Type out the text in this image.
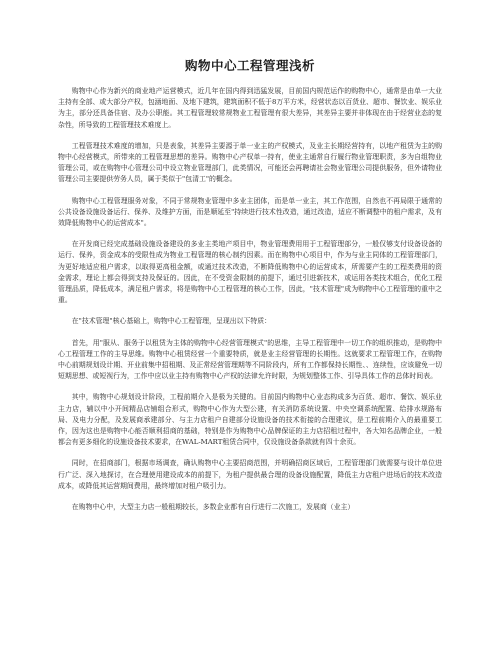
购物中心工程管理浅析

购物中心作为新兴的商业地产运营模式，近几年在国内得到迅猛发展，目前国内规范运作的购物中心，通常是由单一大业主持有全部、或大部分产权，包涵地面、及地下建筑，建筑面积不低于8万平方米，经营状态以百货业、超市、餐饮业、娱乐业为主，部分还具备住宿、及办公职能。其工程管理较常规物业工程管理有很大差异，其差异主要并非体现在由于经营业态的复杂性，所导致的工程管理技术难度上。

工程管理技术难度的增加，只是表象，其差异主要源于单一业主的产权模式，及业主长期经营持有，以地产租赁为主的购物中心经营模式，所带来的工程管理思想的差异。购物中心产权单一持有，使业主通常自行履行物业管理职责，多为自组物业管理公司，或在购物中心管理公司中设立物业管理部门，此类情况，可能还会再聘请社会物业管理公司提供服务，但外请物业管理公司主要提供劳务人员，属于类似于"包清工"的概念。

购物中心工程管理服务对象，不同于常规物业管理中多业主团体，而是单一业主，其工作范围，自然也不再局限于通常的公共设备设施设备运行、保养、及维护方面，而是顺延至"持续进行技术性改造，通过改造，适应不断调整中的租户需求，及有效降低购物中心的运营成本"。

在开发商已经完成基础设施设备建设的多业主类地产项目中，物业管理费用用于工程管理部分，一般仅够支付设备设备的运行、保养，资金成本的受限性成为物业工程管理的核心制约因素。而在购物中心项目中，作为与业主同体的工程管理部门，为更好地适应租户需求，以取得更高租金额，或通过技术改造，不断降低购物中心的运营成本，所需要产生的工程类费用的资金需求，理论上都会得到支持及保证的。因此，在不受资金限制的前提下，通过引进新技术，或运用各类技术组合，优化工程管理品质，降低成本，满足租户需求，将是购物中心工程管理的核心工作，因此，"技术管理"成为购物中心工程管理的重中之重。

在"技术管理"核心基础上，购物中心工程管理，呈现出以下特质：

首先，用"服从、服务于以租赁为主体的购物中心经营管理模式"的思维，主导工程管理中一切工作的组织推动，是购物中心工程管理工作的主导思维。购物中心租赁经营一个重要特质，就是业主经营管理的长期性。这就要求工程管理工作，在购物中心前期规划设计期、开业前集中招租期、及正常经营管理期等不同阶段内，所有工作都保持长期性、、连续性，应该避免一切短期思想、或短视行为，工作中应以业主持有购物中心产权的法律允许时限，为规划整体工作、引导具体工作的总体时间表。

其中，购物中心规划设计阶段，工程前期介入是极为关键的。目前国内购物中心业态构成多为百货、超市、餐饮、娱乐业主力店，辅以中小开间精品店铺组合形式，购物中心作为大型公建，有关消防系统设置、中央空调系统配置、给排水规路布局、及电力分配，及发展商承建部分、与主力店租户自建部分设施设备的技术衔接的合理建议，是工程前期介入的最重要工作，因为这也是购物中心能否顺利招商的基础，特别是作为购物中心品牌保证的主力店招租过程中，各大知名品牌企业，一般都会有更多细化的设施设备技术要求，在WAL-MART租赁合同中，仅设施设备条款就有四十余页。

同时，在招商部门，根据市场调查，确认购物中心主要招商范围，并明确招商区域后，工程管理部门就需要与设计单位进行广泛、深入地探讨，在合理使用建设成本的前提下，为租户提供最合理的设备设施配置，降低主力店租户进场后的技术改造成本，或降低其运营期间费用，最终增加对租户吸引力。

在购物中心中，大型主力店一般租期较长，多数企业都有自行进行二次施工，发展商（业主）
